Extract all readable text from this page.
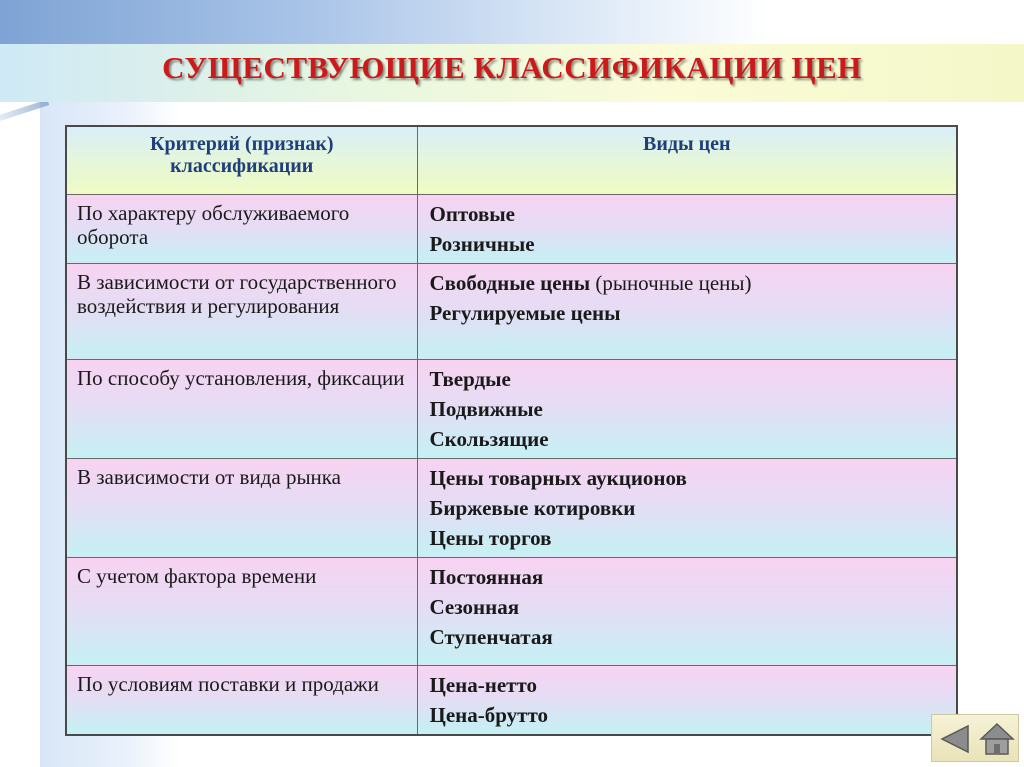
СУЩЕСТВУЮЩИЕ КЛАССИФИКАЦИИ ЦЕН
Критерий (признак) классификации	Виды цен
По характеру обслуживаемого оборота	Оптовые
Розничные

В зависимости от государственного воздействия и регулирования	Свободные цены (рыночные цены)
Регулируемые цены

По способу установления, фиксации	Твердые
Подвижные
Скользящие

В зависимости от вида рынка	Цены товарных аукционов
Биржевые котировки
Цены торгов

С учетом фактора времени	Постоянная
Сезонная
Ступенчатая

По условиям поставки и продажи	Цена-нетто
Цена-брутто
